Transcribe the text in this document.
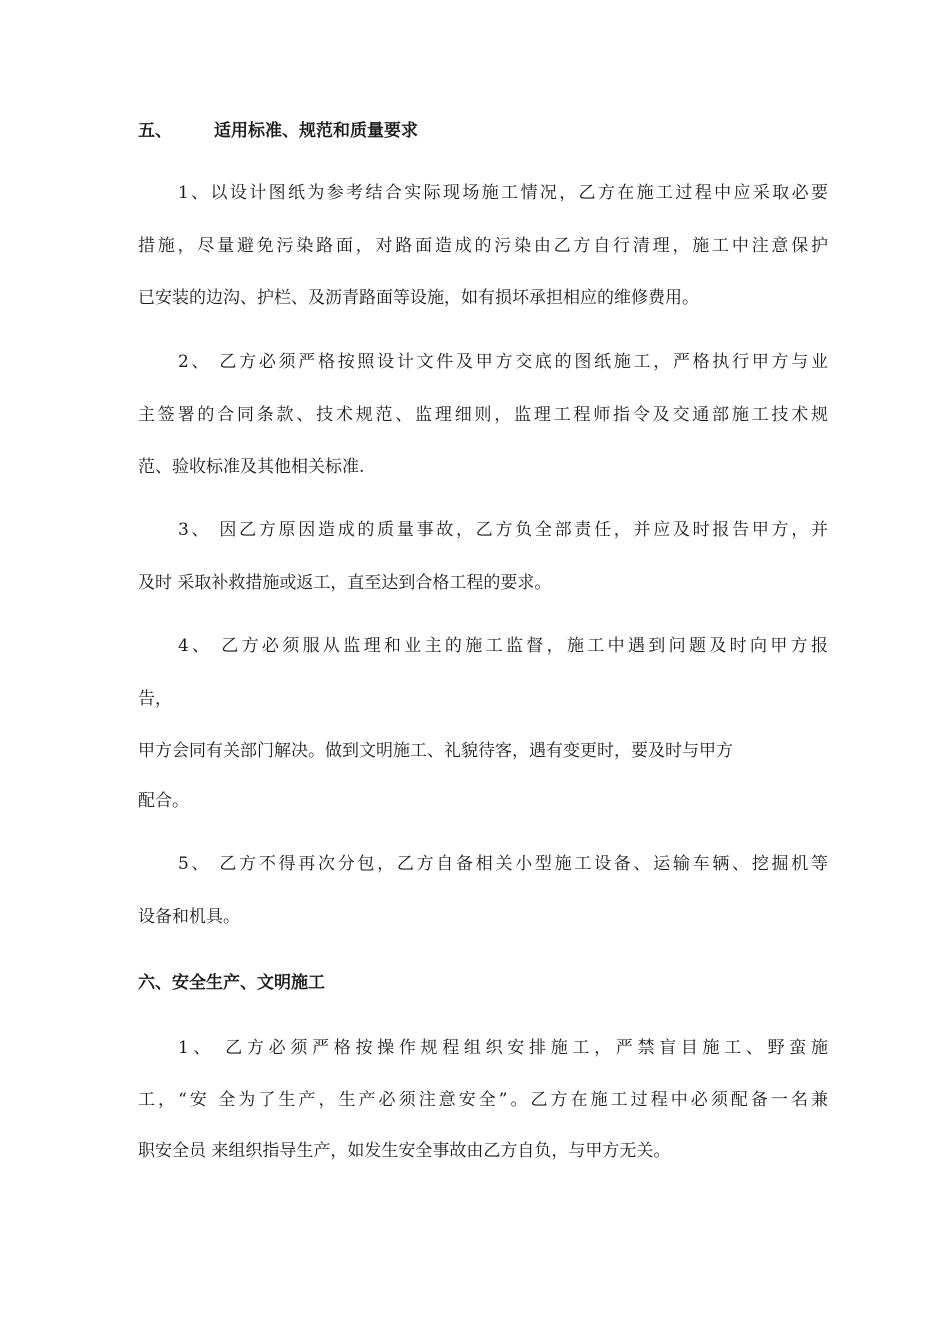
五、 适用标准、规范和质量要求
1、以设计图纸为参考结合实际现场施工情况，乙方在施工过程中应采取必要
措施，尽量避免污染路面，对路面造成的污染由乙方自行清理，施工中注意保护
已安装的边沟、护栏、及沥青路面等设施，如有损坏承担相应的维修费用。
2、 乙方必须严格按照设计文件及甲方交底的图纸施工，严格执行甲方与业
主签署的合同条款、技术规范、监理细则，监理工程师指令及交通部施工技术规
范、验收标准及其他相关标准.
3、 因乙方原因造成的质量事故，乙方负全部责任，并应及时报告甲方，并
及时 采取补救措施或返工，直至达到合格工程的要求。
4、 乙方必须服从监理和业主的施工监督，施工中遇到问题及时向甲方报
告，
甲方会同有关部门解决。做到文明施工、礼貌待客，遇有变更时，要及时与甲方
配合。
5、 乙方不得再次分包，乙方自备相关小型施工设备、运输车辆、挖掘机等
设备和机具。
六、安全生产、文明施工
1、 乙方必须严格按操作规程组织安排施工，严禁盲目施工、野蛮施
工，“安 全为了生产，生产必须注意安全”。乙方在施工过程中必须配备一名兼
职安全员 来组织指导生产，如发生安全事故由乙方自负，与甲方无关。
